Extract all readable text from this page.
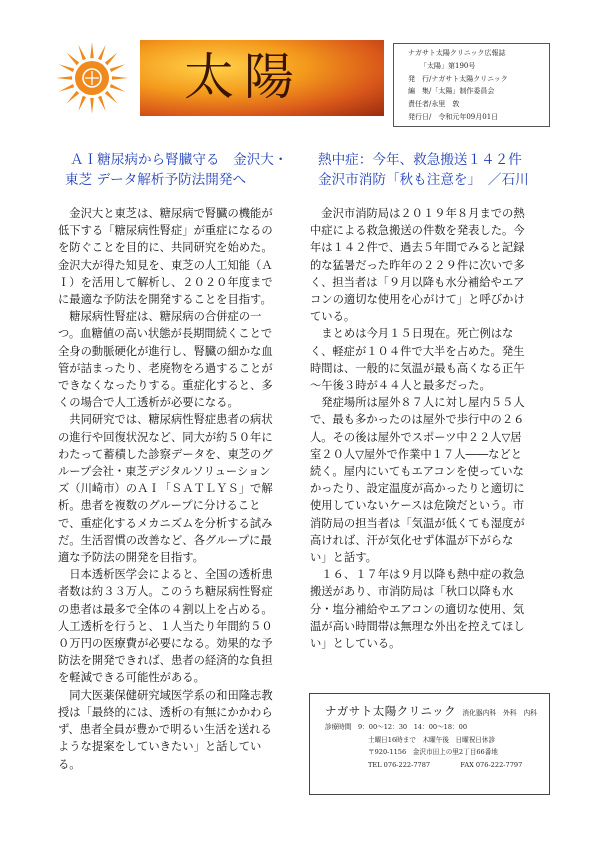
太陽	ナガサト太陽クリニック広報誌
「太陽」第190号
発　行/ナガサト太陽クリニック
編　集/「太陽」制作委員会
責任者/永里　敦
発行日/　令和元年09月01日
ＡＩ糖尿病から腎臓守る　金沢大・
東芝 データ解析予防法開発へ
熱中症：今年、救急搬送１４２件
金沢市消防「秋も注意を」　／石川

　金沢大と東芝は、糖尿病で腎臓の機能が

低下する「糖尿病性腎症」が重症になるの

を防ぐことを目的に、共同研究を始めた。

金沢大が得た知見を、東芝の人工知能（Ａ

Ｉ）を活用して解析し、２０２０年度まで

に最適な予防法を開発することを目指す。

　糖尿病性腎症は、糖尿病の合併症の一

つ。血糖値の高い状態が長期間続くことで

全身の動脈硬化が進行し、腎臓の細かな血

管が詰まったり、老廃物をろ過することが

できなくなったりする。重症化すると、多

くの場合で人工透析が必要になる。

　共同研究では、糖尿病性腎症患者の病状

の進行や回復状況など、同大が約５０年に

わたって蓄積した診察データを、東芝のグ

ループ会社・東芝デジタルソリューション

ズ（川崎市）のＡＩ「ＳＡＴＬＹＳ」で解

析。患者を複数のグループに分けること

で、重症化するメカニズムを分析する試み

だ。生活習慣の改善など、各グループに最

適な予防法の開発を目指す。

　日本透析医学会によると、全国の透析患

者数は約３３万人。このうち糖尿病性腎症

の患者は最多で全体の４割以上を占める。

人工透析を行うと、１人当たり年間約５０

０万円の医療費が必要になる。効果的な予

防法を開発できれば、患者の経済的な負担

を軽減できる可能性がある。

　同大医薬保健研究域医学系の和田隆志教

授は「最終的には、透析の有無にかかわら

ず、患者全員が豊かで明るい生活を送れる

ような提案をしていきたい」と話してい

る。

　金沢市消防局は２０１９年８月までの熱

中症による救急搬送の件数を発表した。今

年は１４２件で、過去５年間でみると記録

的な猛暑だった昨年の２２９件に次いで多

く、担当者は「９月以降も水分補給やエア

コンの適切な使用を心がけて」と呼びかけ

ている。

　まとめは今月１５日現在。死亡例はな

く、軽症が１０４件で大半を占めた。発生

時間は、一般的に気温が最も高くなる正午

〜午後３時が４４人と最多だった。

　発症場所は屋外８７人に対し屋内５５人

で、最も多かったのは屋外で歩行中の２６

人。その後は屋外でスポーツ中２２人▽居

室２０人▽屋外で作業中１７人――などと

続く。屋内にいてもエアコンを使っていな

かったり、設定温度が高かったりと適切に

使用していないケースは危険だという。市

消防局の担当者は「気温が低くても湿度が

高ければ、汗が気化せず体温が下がらな

い」と話す。

　１６、１７年は９月以降も熱中症の救急

搬送があり、市消防局は「秋口以降も水

分・塩分補給やエアコンの適切な使用、気

温が高い時間帯は無理な外出を控えてほし

い」としている。

ナガサト太陽クリニック 消化器内科　外科　内科
診療時間　9：00〜12：30　14：00〜18：00
土曜日16時まで　木曜午後　日曜祝日休診
〒920-1156　金沢市田上の里2丁目66番地
TEL 076-222-7787	FAX 076-222-7797
